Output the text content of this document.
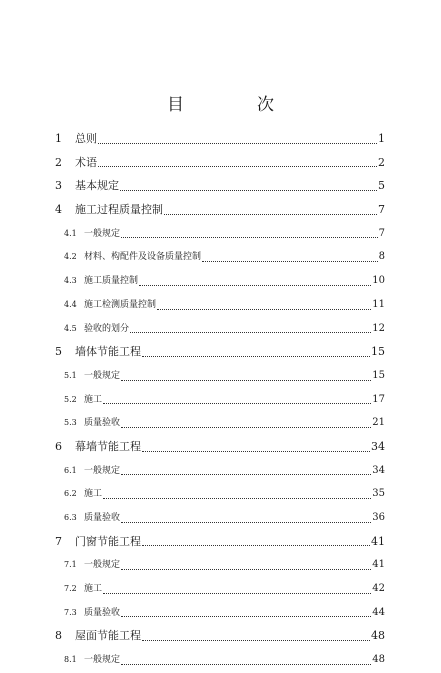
目　次
1	总则	1
2	术语	2
3	基本规定	5
4	施工过程质量控制	7
4.1 一般规定	7
4.2 材料、构配件及设备质量控制	8
4.3 施工质量控制	10
4.4 施工检测质量控制	11
4.5 验收的划分	12
5	墙体节能工程	15
5.1 一般规定	15
5.2 施工	17
5.3 质量验收	21
6	幕墙节能工程	34
6.1 一般规定	34
6.2 施工	35
6.3 质量验收	36
7	门窗节能工程	41
7.1 一般规定	41
7.2 施工	42
7.3 质量验收	44
8	屋面节能工程	48
8.1 一般规定	48
